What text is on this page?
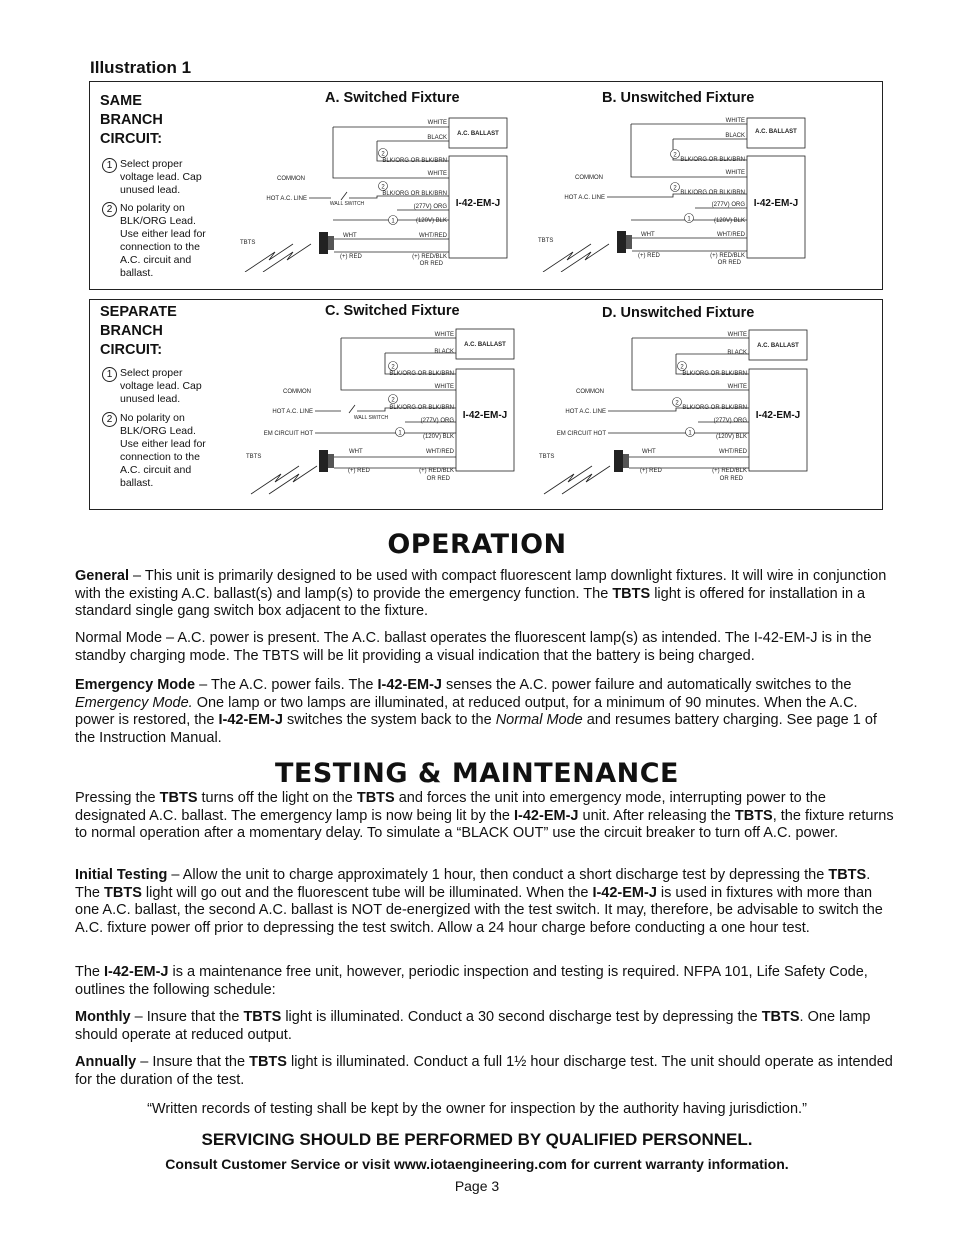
Illustration 1
SAME
BRANCH
CIRCUIT:
1 Select proper
voltage lead. Cap
unused lead.
2 No polarity on
BLK/ORG Lead.
Use either lead for
connection to the
A.C. circuit and
ballast.
A. Switched Fixture	B. Unswitched Fixture
SEPARATE
BRANCH
CIRCUIT:
1 Select proper
voltage lead. Cap
unused lead.
2 No polarity on
BLK/ORG Lead.
Use either lead for
connection to the
A.C. circuit and
ballast.
C. Switched Fixture	D. Unswitched Fixture
A.C. BALLAST
I-42-EM-J
WHITE
BLACK
BLK/ORG OR BLK/BRN
2
WHITE
COMMON
HOT A.C. LINE
WALL SWITCH
BLK/ORG OR BLK/BRN
2
(277V) ORG
(120V) BLK
1
TBTS
WHT	WHT/RED
(+) RED	(+) RED/BLK
OR RED
A.C. BALLAST
I-42-EM-J
WHITE
BLACK
BLK/ORG OR BLK/BRN
2
WHITE
COMMON
HOT A.C. LINE
BLK/ORG OR BLK/BRN
2
(277V) ORG
(120V) BLK
1
TBTS
WHT	WHT/RED
(+) RED	(+) RED/BLK
OR RED
A.C. BALLAST
I-42-EM-J
WHITE
BLACK
BLK/ORG OR BLK/BRN
2
WHITE
COMMON
HOT A.C. LINE
WALL SWITCH
BLK/ORG OR BLK/BRN
2
(277V) ORG
EM CIRCUIT HOT	(120V) BLK
1
TBTS
WHT	WHT/RED
(+) RED	(+) RED/BLK
OR RED
A.C. BALLAST
I-42-EM-J
WHITE
BLACK
BLK/ORG OR BLK/BRN
2
WHITE
COMMON
HOT A.C. LINE
BLK/ORG OR BLK/BRN
2
(277V) ORG
EM CIRCUIT HOT	(120V) BLK
1
TBTS
WHT	WHT/RED
(+) RED	(+) RED/BLK
OR RED
OPERATION
General – This unit is primarily designed to be used with compact fluorescent lamp downlight fixtures. It will wire in conjunction with the existing A.C. ballast(s) and lamp(s) to provide the emergency function. The TBTS light is offered for installation in a standard single gang switch box adjacent to the fixture.
Normal Mode – A.C. power is present. The A.C. ballast operates the fluorescent lamp(s) as intended. The I-42-EM-J is in the standby charging mode. The TBTS will be lit providing a visual indication that the battery is being charged.
Emergency Mode – The A.C. power fails. The I-42-EM-J senses the A.C. power failure and automatically switches to the Emergency Mode. One lamp or two lamps are illuminated, at reduced output, for a minimum of 90 minutes. When the A.C. power is restored, the I-42-EM-J switches the system back to the Normal Mode and resumes battery charging. See page 1 of the Instruction Manual.
TESTING & MAINTENANCE
Pressing the TBTS turns off the light on the TBTS and forces the unit into emergency mode, interrupting power to the designated A.C. ballast. The emergency lamp is now being lit by the I-42-EM-J unit. After releasing the TBTS, the fixture returns to normal operation after a momentary delay. To simulate a “BLACK OUT” use the circuit breaker to turn off A.C. power.
Initial Testing – Allow the unit to charge approximately 1 hour, then conduct a short discharge test by depressing the TBTS. The TBTS light will go out and the fluorescent tube will be illuminated. When the I-42-EM-J is used in fixtures with more than one A.C. ballast, the second A.C. ballast is NOT de-energized with the test switch. It may, therefore, be advisable to switch the A.C. fixture power off prior to depressing the test switch. Allow a 24 hour charge before conducting a one hour test.
The I-42-EM-J is a maintenance free unit, however, periodic inspection and testing is required. NFPA 101, Life Safety Code, outlines the following schedule:
Monthly – Insure that the TBTS light is illuminated. Conduct a 30 second discharge test by depressing the TBTS. One lamp should operate at reduced output.
Annually – Insure that the TBTS light is illuminated. Conduct a full 1½ hour discharge test. The unit should operate as intended for the duration of the test.
“Written records of testing shall be kept by the owner for inspection by the authority having jurisdiction.”
SERVICING SHOULD BE PERFORMED BY QUALIFIED PERSONNEL.
Consult Customer Service or visit www.iotaengineering.com for current warranty information.
Page 3
